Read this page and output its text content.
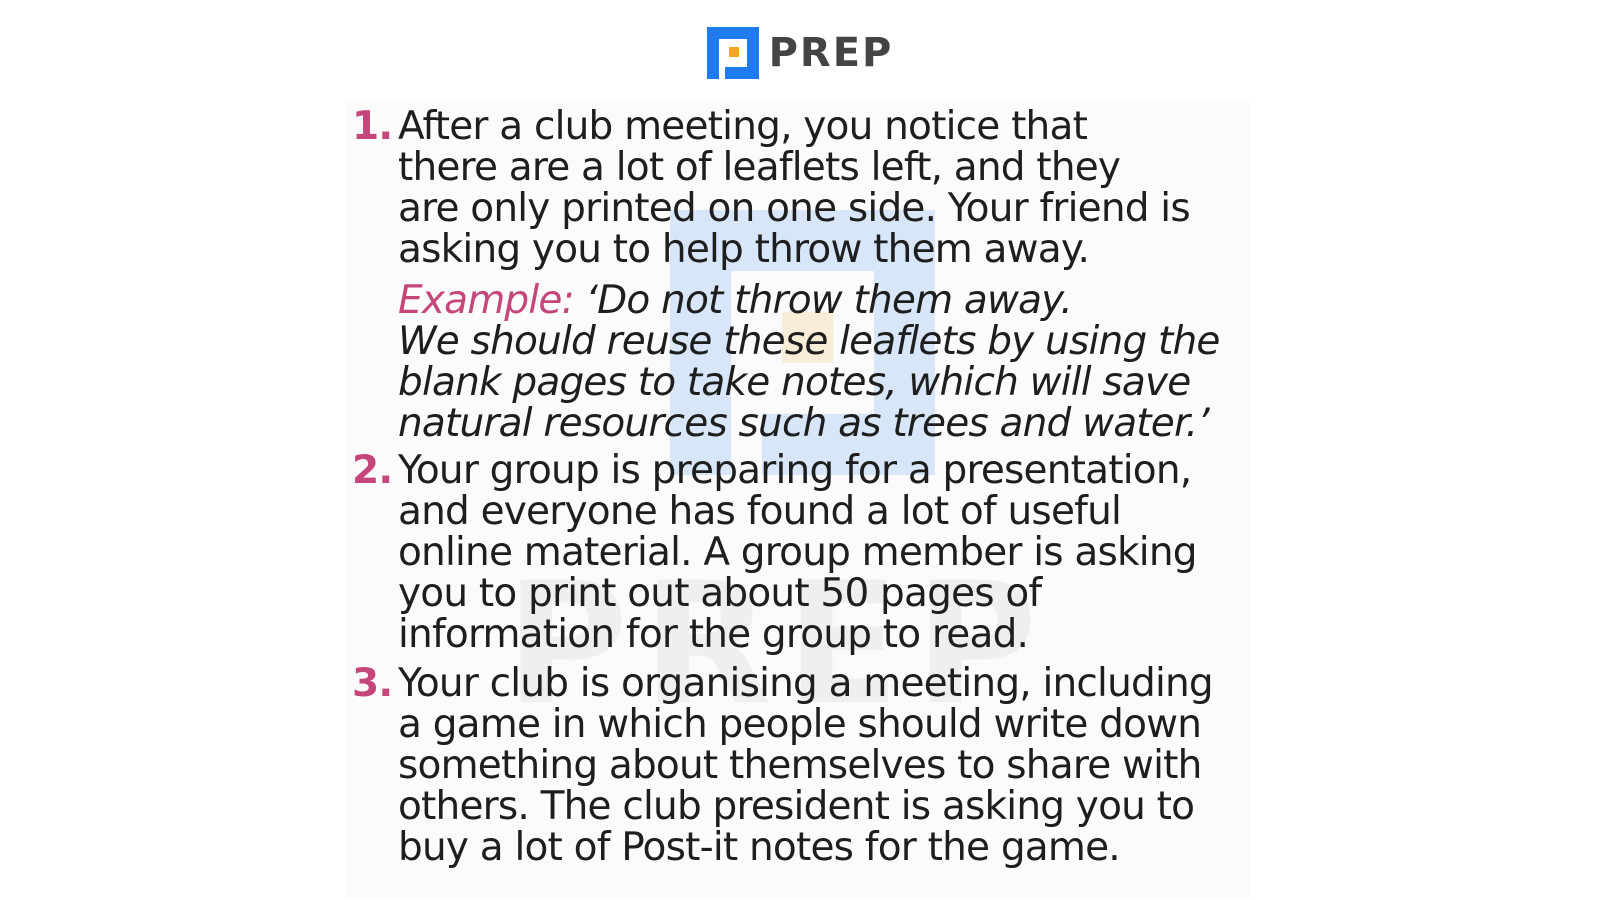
PREP
1. After a club meeting, you notice that
there are a lot of leaflets left, and they
are only printed on one side. Your friend is
asking you to help throw them away.
Example: ‘Do not throw them away.
We should reuse these leaflets by using the
blank pages to take notes, which will save
natural resources such as trees and water.’
2. Your group is preparing for a presentation,
and everyone has found a lot of useful
online material. A group member is asking
you to print out about 50 pages of
information for the group to read.
3. Your club is organising a meeting, including
a game in which people should write down
something about themselves to share with
others. The club president is asking you to
buy a lot of Post-it notes for the game.
